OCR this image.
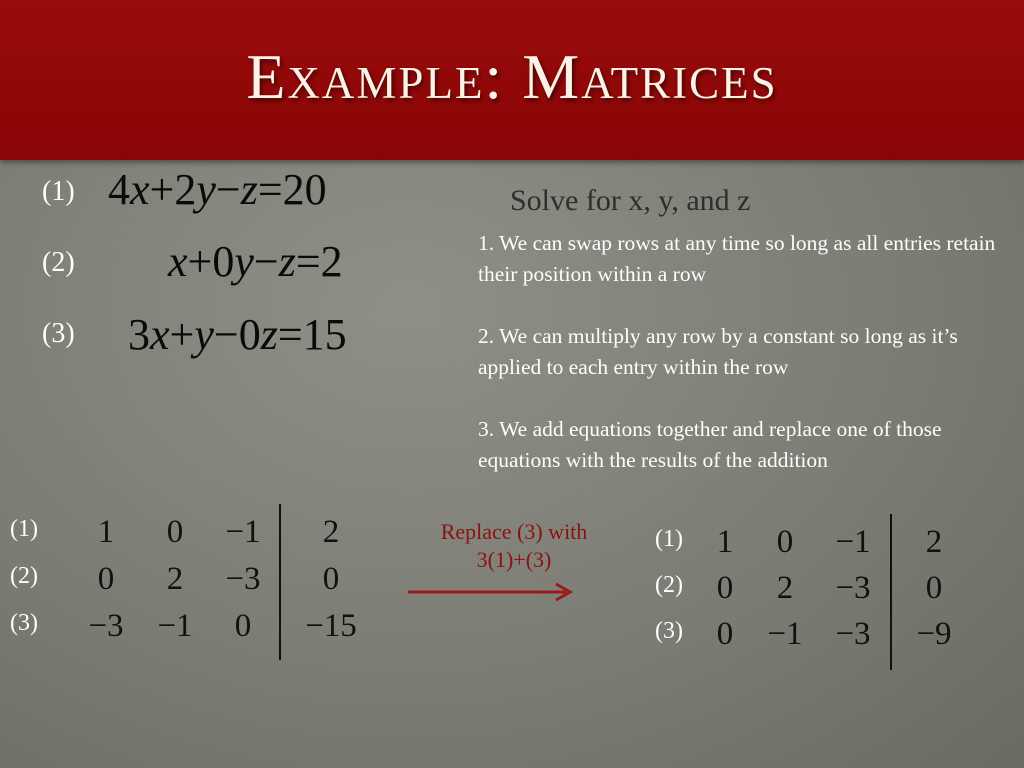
Example: Matrices
(1) 4x+2y−z=20
(2) x+0y−z=2
(3) 3x+y−0z=15
Solve for x, y, and z

1. We can swap rows at any time so long as all entries retain their position within a row

2. We can multiply any row by a constant so long as it’s applied to each entry within the row

3. We add equations together and replace one of those equations with the results of the addition

(1)
(2)
(3)
1	0	−1	2
0	2	−3	0
−3	−1	0	−15
Replace (3) with
3(1)+(3)
(1)
(2)
(3)
1	0	−1	2
0	2	−3	0
0	−1 −3	−9
